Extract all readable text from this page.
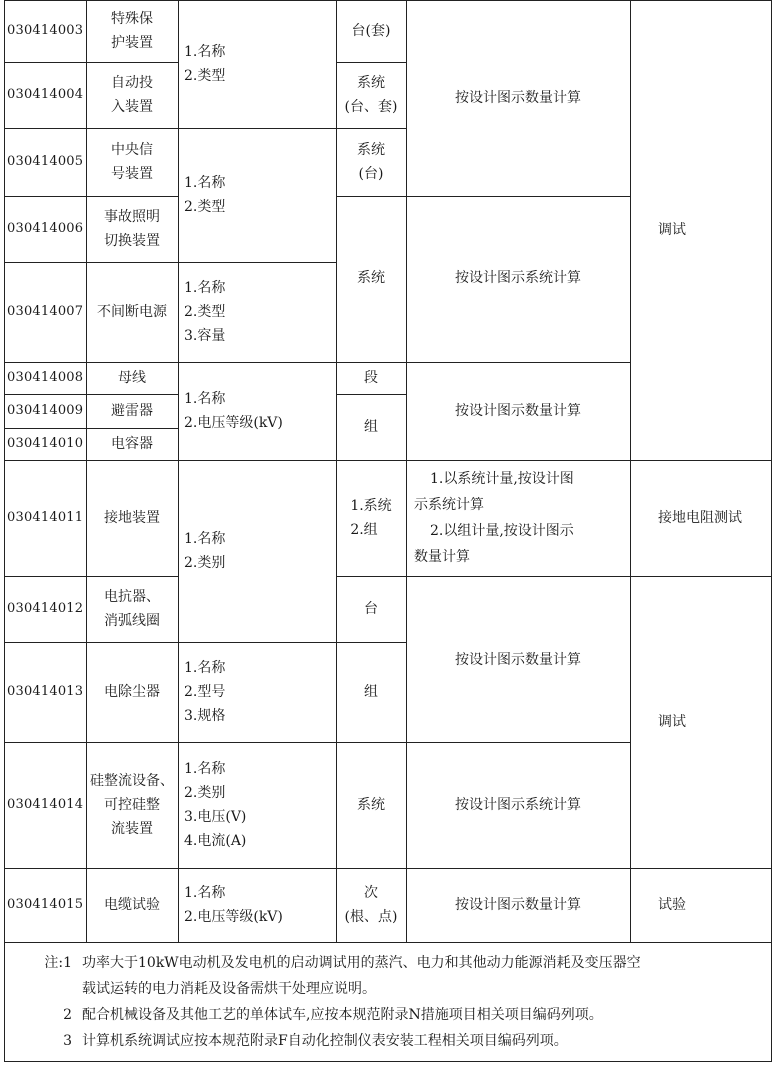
030414003
030414004
030414005
030414006
030414007
030414008
030414009
030414010
030414011
030414012
030414013
030414014
030414015
特殊保
护装置
自动投
入装置
中央信
号装置
事故照明
切换装置
不间断电源
母线
避雷器
电容器
接地装置
电抗器、
消弧线圈
电除尘器
硅整流设备、
可控硅整
流装置
电缆试验
1.名称
2.类型
1.名称
2.类型
1.名称
2.类型
3.容量
1.名称
2.电压等级(kV)
1.名称
2.类别
1.名称
2.型号
3.规格
1.名称
2.类别
3.电压(V)
4.电流(A)
1.名称
2.电压等级(kV)
台(套)
系统
(台、套)
系统
(台)
系统
段
组
1.系统
2.组
台
组
系统
次
(根、点)
按设计图示数量计算
按设计图示系统计算
按设计图示数量计算
1.以系统计量,按设计图
示系统计算
2.以组计量,按设计图示
数量计算
按设计图示数量计算
按设计图示系统计算
按设计图示数量计算
调试
接地电阻测试
调试
试验
注:1 功率大于10kW电动机及发电机的启动调试用的蒸汽、电力和其他动力能源消耗及变压器空
载试运转的电力消耗及设备需烘干处理应说明。
2 配合机械设备及其他工艺的单体试车,应按本规范附录N措施项目相关项目编码列项。
3 计算机系统调试应按本规范附录F自动化控制仪表安装工程相关项目编码列项。
